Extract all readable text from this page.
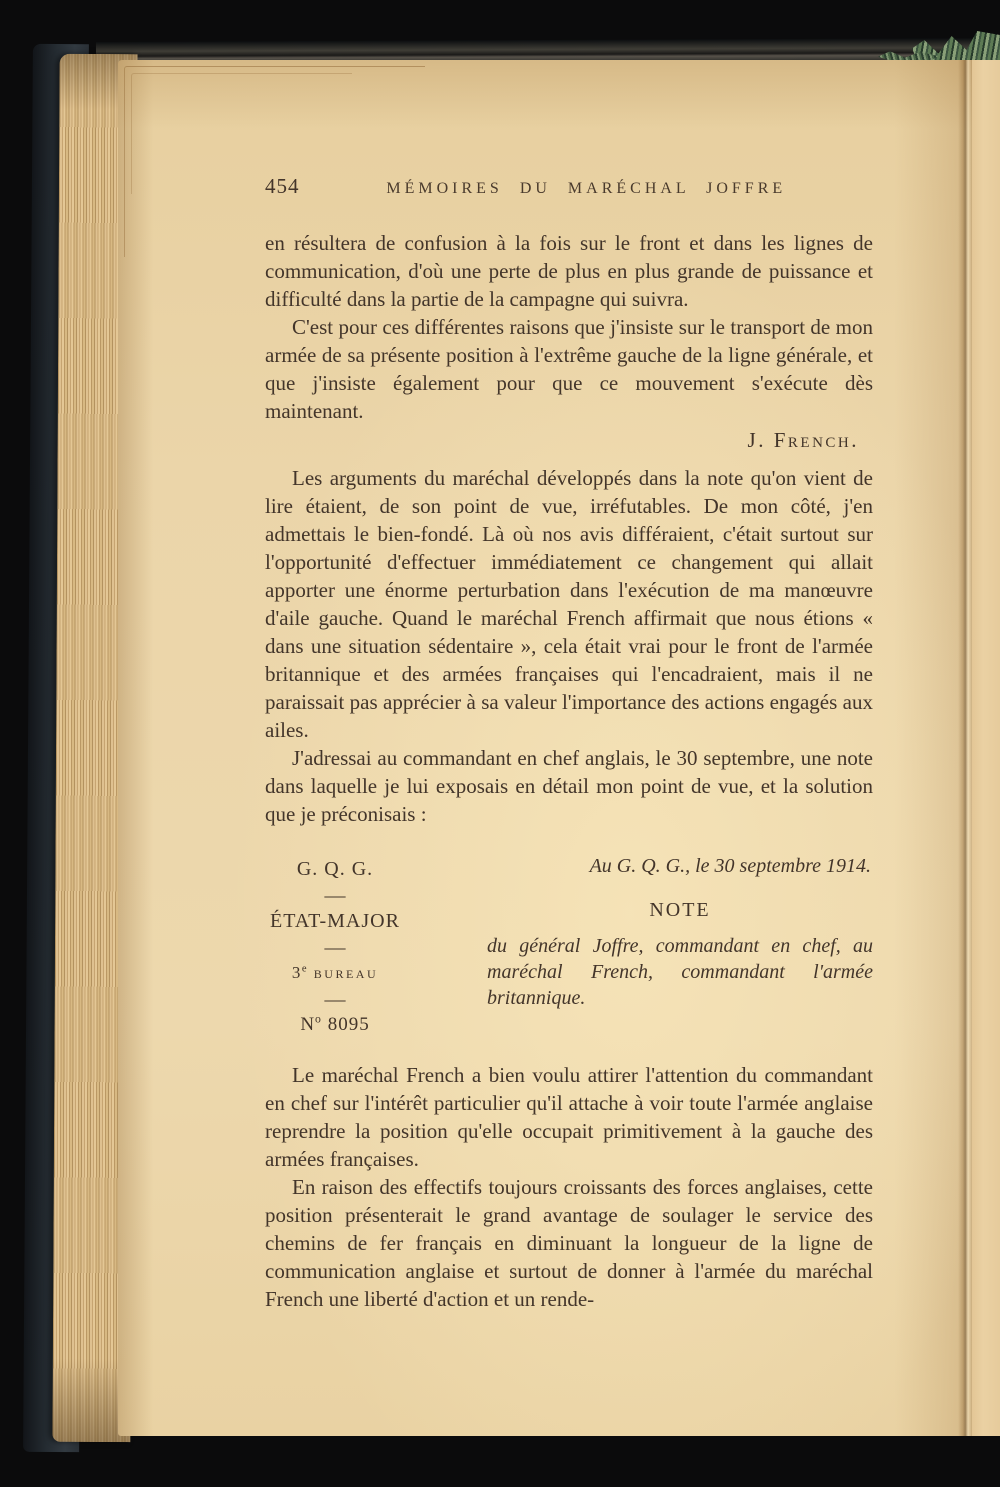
454	MÉMOIRES DU MARÉCHAL JOFFRE

en résultera de confusion à la fois sur le front et dans les lignes de communication, d'où une perte de plus en plus grande de puissance et difficulté dans la partie de la campagne qui suivra.

C'est pour ces différentes raisons que j'insiste sur le transport de mon armée de sa présente position à l'extrême gauche de la ligne générale, et que j'insiste également pour que ce mouvement s'exécute dès maintenant.

J. French.

Les arguments du maréchal développés dans la note qu'on vient de lire étaient, de son point de vue, irréfutables. De mon côté, j'en admettais le bien-fondé. Là où nos avis différaient, c'était surtout sur l'opportunité d'effectuer immédiatement ce changement qui allait apporter une énorme perturbation dans l'exécution de ma manœuvre d'aile gauche. Quand le maréchal French affirmait que nous étions « dans une situation sédentaire », cela était vrai pour le front de l'armée britannique et des armées françaises qui l'encadraient, mais il ne paraissait pas apprécier à sa valeur l'importance des actions engagés aux ailes.

J'adressai au commandant en chef anglais, le 30 septembre, une note dans laquelle je lui exposais en détail mon point de vue, et la solution que je préconisais :

G. Q. G.
—
ÉTAT-MAJOR
—
3e bureau
—
$N^o$ 8095
Au G. Q. G., le 30 septembre 1914.
NOTE
du général Joffre, commandant en chef, au maréchal French, commandant l'armée britannique.

Le maréchal French a bien voulu attirer l'attention du commandant en chef sur l'intérêt particulier qu'il attache à voir toute l'armée anglaise reprendre la position qu'elle occupait primitivement à la gauche des armées françaises.

En raison des effectifs toujours croissants des forces anglaises, cette position présenterait le grand avantage de soulager le service des chemins de fer français en diminuant la longueur de la ligne de communication anglaise et surtout de donner à l'armée du maréchal French une liberté d'action et un rende-
